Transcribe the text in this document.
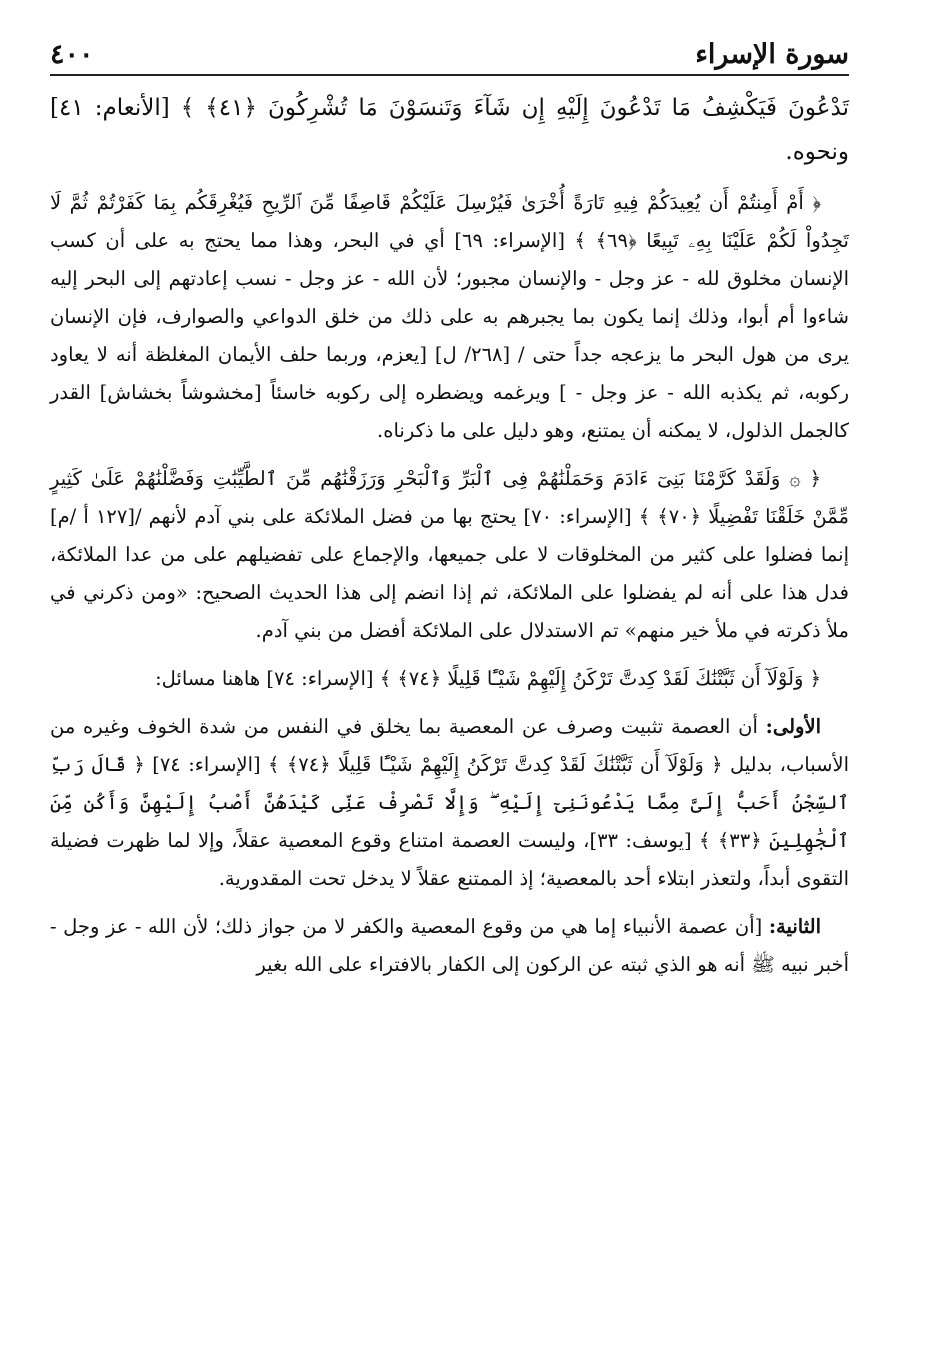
٤٠٠	سورة الإسراء

تَدْعُونَ فَيَكْشِفُ مَا تَدْعُونَ إِلَيْهِ إِن شَآءَ وَتَنسَوْنَ مَا تُشْرِكُونَ ﴿٤١﴾ ﴾ [الأنعام: ٤١] ونحوه.

﴿ أَمْ أَمِنتُمْ أَن يُعِيدَكُمْ فِيهِ تَارَةً أُخْرَىٰ فَيُرْسِلَ عَلَيْكُمْ قَاصِفًا مِّنَ ٱلرِّيحِ فَيُغْرِقَكُم بِمَا كَفَرْتُمْ ثُمَّ لَا تَجِدُواْ لَكُمْ عَلَيْنَا بِهِۦ تَبِيعًا ﴿٦٩﴾ ﴾ [الإسراء: ٦٩] أي في البحر، وهذا مما يحتج به على أن كسب الإنسان مخلوق لله - عز وجل - والإنسان مجبور؛ لأن الله - عز وجل - نسب إعادتهم إلى البحر إليه شاءوا أم أبوا، وذلك إنما يكون بما يجبرهم به على ذلك من خلق الدواعي والصوارف، فإن الإنسان يرى من هول البحر ما يزعجه جداً حتى / [٢٦٨/ ل] [يعزم، وربما حلف الأيمان المغلظة أنه لا يعاود ركوبه، ثم يكذبه الله - عز وجل - ] ويرغمه ويضطره إلى ركوبه خاسئاً [مخشوشاً بخشاش] القدر كالجمل الذلول، لا يمكنه أن يمتنع، وهو دليل على ما ذكرناه.

﴿ ۞ وَلَقَدْ كَرَّمْنَا بَنِىٓ ءَادَمَ وَحَمَلْنَٰهُمْ فِى ٱلْبَرِّ وَٱلْبَحْرِ وَرَزَقْنَٰهُم مِّنَ ٱلطَّيِّبَٰتِ وَفَضَّلْنَٰهُمْ عَلَىٰ كَثِيرٍ مِّمَّنْ خَلَقْنَا تَفْضِيلًا ﴿٧٠﴾ ﴾ [الإسراء: ٧٠] يحتج بها من فضل الملائكة على بني آدم لأنهم /[١٢٧ أ /م] إنما فضلوا على كثير من المخلوقات لا على جميعها، والإجماع على تفضيلهم على من عدا الملائكة، فدل هذا على أنه لم يفضلوا على الملائكة، ثم إذا انضم إلى هذا الحديث الصحيح: «ومن ذكرني في ملأ ذكرته في ملأ خير منهم» تم الاستدلال على الملائكة أفضل من بني آدم.

﴿ وَلَوْلَآ أَن ثَبَّتْنَٰكَ لَقَدْ كِدتَّ تَرْكَنُ إِلَيْهِمْ شَيْـًٔا قَلِيلًا ﴿٧٤﴾ ﴾ [الإسراء: ٧٤] هاهنا مسائل:

الأولى: أن العصمة تثبيت وصرف عن المعصية بما يخلق في النفس من شدة الخوف وغيره من الأسباب، بدليل ﴿ وَلَوْلَآ أَن ثَبَّتْنَٰكَ لَقَدْ كِدتَّ تَرْكَنُ إِلَيْهِمْ شَيْـًٔا قَلِيلًا ﴿٧٤﴾ ﴾ [الإسراء: ٧٤] ﴿ قَالَ رَبِّ ٱلسِّجْنُ أَحَبُّ إِلَىَّ مِمَّا يَدْعُونَنِىٓ إِلَيْهِ ۖ وَإِلَّا تَصْرِفْ عَنِّى كَيْدَهُنَّ أَصْبُ إِلَيْهِنَّ وَأَكُن مِّنَ ٱلْجَٰهِلِينَ ﴿٣٣﴾ ﴾ [يوسف: ٣٣]، وليست العصمة امتناع وقوع المعصية عقلاً، وإلا لما ظهرت فضيلة التقوى أبداً، ولتعذر ابتلاء أحد بالمعصية؛ إذ الممتنع عقلاً لا يدخل تحت المقدورية.

الثانية: [أن عصمة الأنبياء إما هي من وقوع المعصية والكفر لا من جواز ذلك؛ لأن الله - عز وجل - أخبر نبيه ﷺ أنه هو الذي ثبته عن الركون إلى الكفار بالافتراء على الله بغير
